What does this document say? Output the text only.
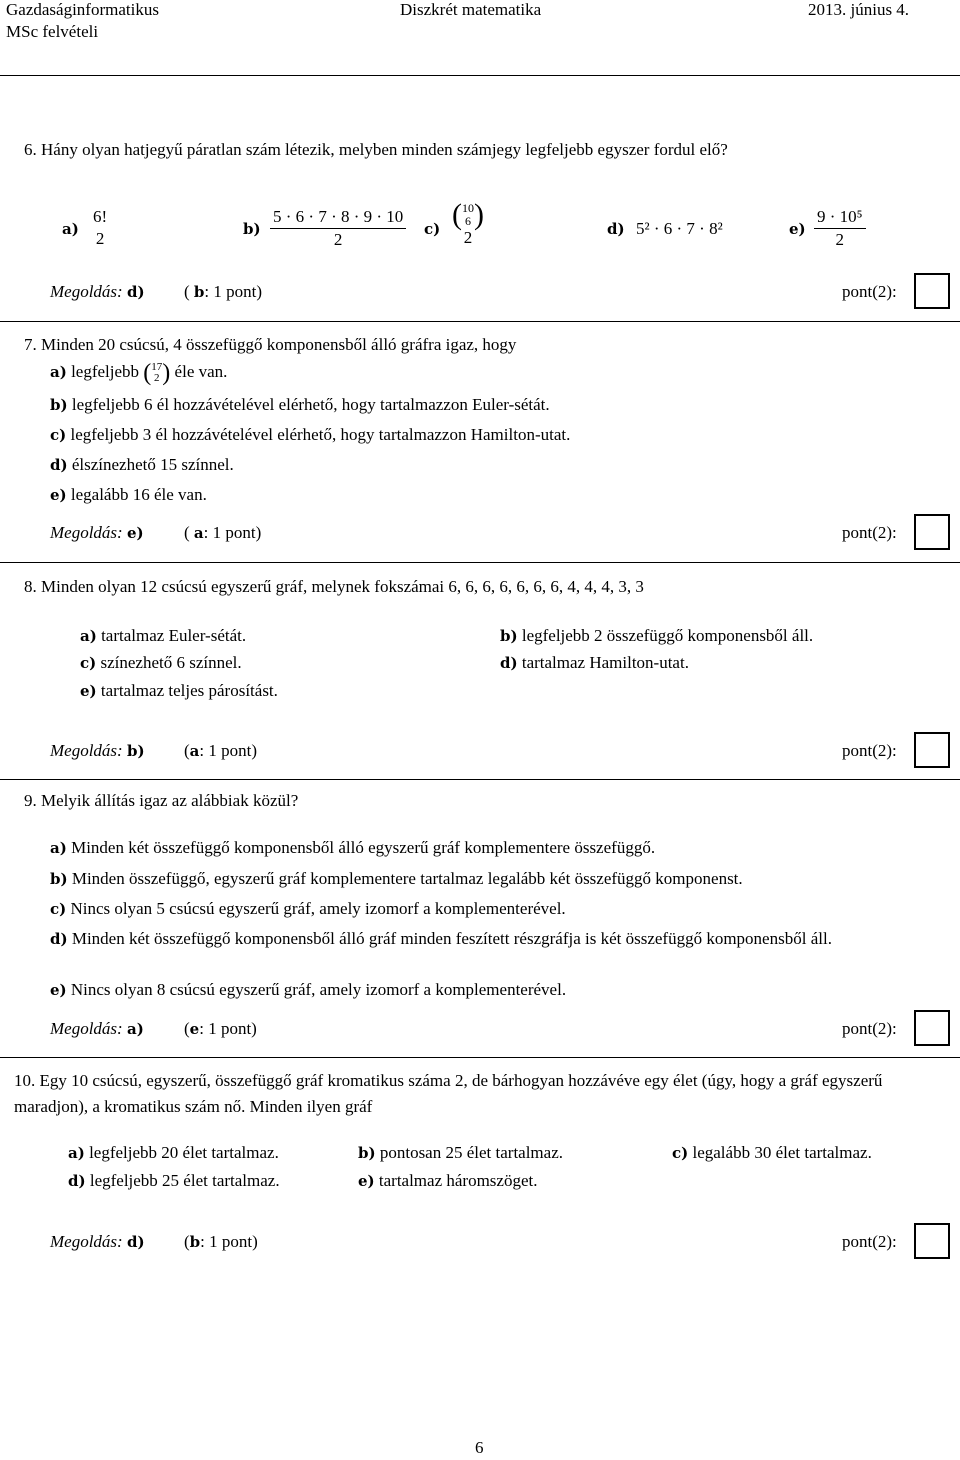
Gazdaságinformatikus
MSc felvételi
Diszkrét matematika	2013. június 4.
6. Hány olyan hatjegyű páratlan szám létezik, melyben minden számjegy legfeljebb egyszer fordul elő?
a)
6!
2	$b) \frac{5 \cdot 6 \cdot 7 \cdot 8 \cdot 9 \cdot 10}{2} c$) (10
6 )
2	d) 5² · 6 · 7 · 8²	$e) \frac{\text{9 · 10⁵}}{2}$
Megoldás: d) ( b: 1 pont)	pont(2):
7. Minden 20 csúcsú, 4 összefüggő komponensből álló gráfra igaz, hogy
a) legfeljebb (17
2 ) éle van.
b) legfeljebb 6 él hozzávételével elérhető, hogy tartalmazzon Euler-sétát.
c) legfeljebb 3 él hozzávételével elérhető, hogy tartalmazzon Hamilton-utat.
d) élszínezhető 15 színnel.
e) legalább 16 éle van.
Megoldás: e) ( a: 1 pont)	pont(2):
8. Minden olyan 12 csúcsú egyszerű gráf, melynek fokszámai 6, 6, 6, 6, 6, 6, 6, 4, 4, 4, 3, 3
a) tartalmaz Euler-sétát.	b) legfeljebb 2 összefüggő komponensből áll.
c) színezhető 6 színnel.	d) tartalmaz Hamilton-utat.
e) tartalmaz teljes párosítást.
Megoldás: b) (a: 1 pont)	pont(2):
9. Melyik állítás igaz az alábbiak közül?
a) Minden két összefüggő komponensből álló egyszerű gráf komplementere összefüggő.
b) Minden összefüggő, egyszerű gráf komplementere tartalmaz legalább két összefüggő komponenst.
c) Nincs olyan 5 csúcsú egyszerű gráf, amely izomorf a komplementerével.
d) Minden két összefüggő komponensből álló gráf minden feszített részgráfja is két összefüggő komponensből áll.
e) Nincs olyan 8 csúcsú egyszerű gráf, amely izomorf a komplementerével.
Megoldás: a) (e: 1 pont)	pont(2):
10. Egy 10 csúcsú, egyszerű, összefüggő gráf kromatikus száma 2, de bárhogyan hozzávéve egy élet (úgy, hogy a gráf egyszerű maradjon), a kromatikus szám nő. Minden ilyen gráf
a) legfeljebb 20 élet tartalmaz.	b) pontosan 25 élet tartalmaz.	c) legalább 30 élet tartalmaz.
d) legfeljebb 25 élet tartalmaz.	e) tartalmaz háromszöget.
Megoldás: d) (b: 1 pont)	pont(2):
6
